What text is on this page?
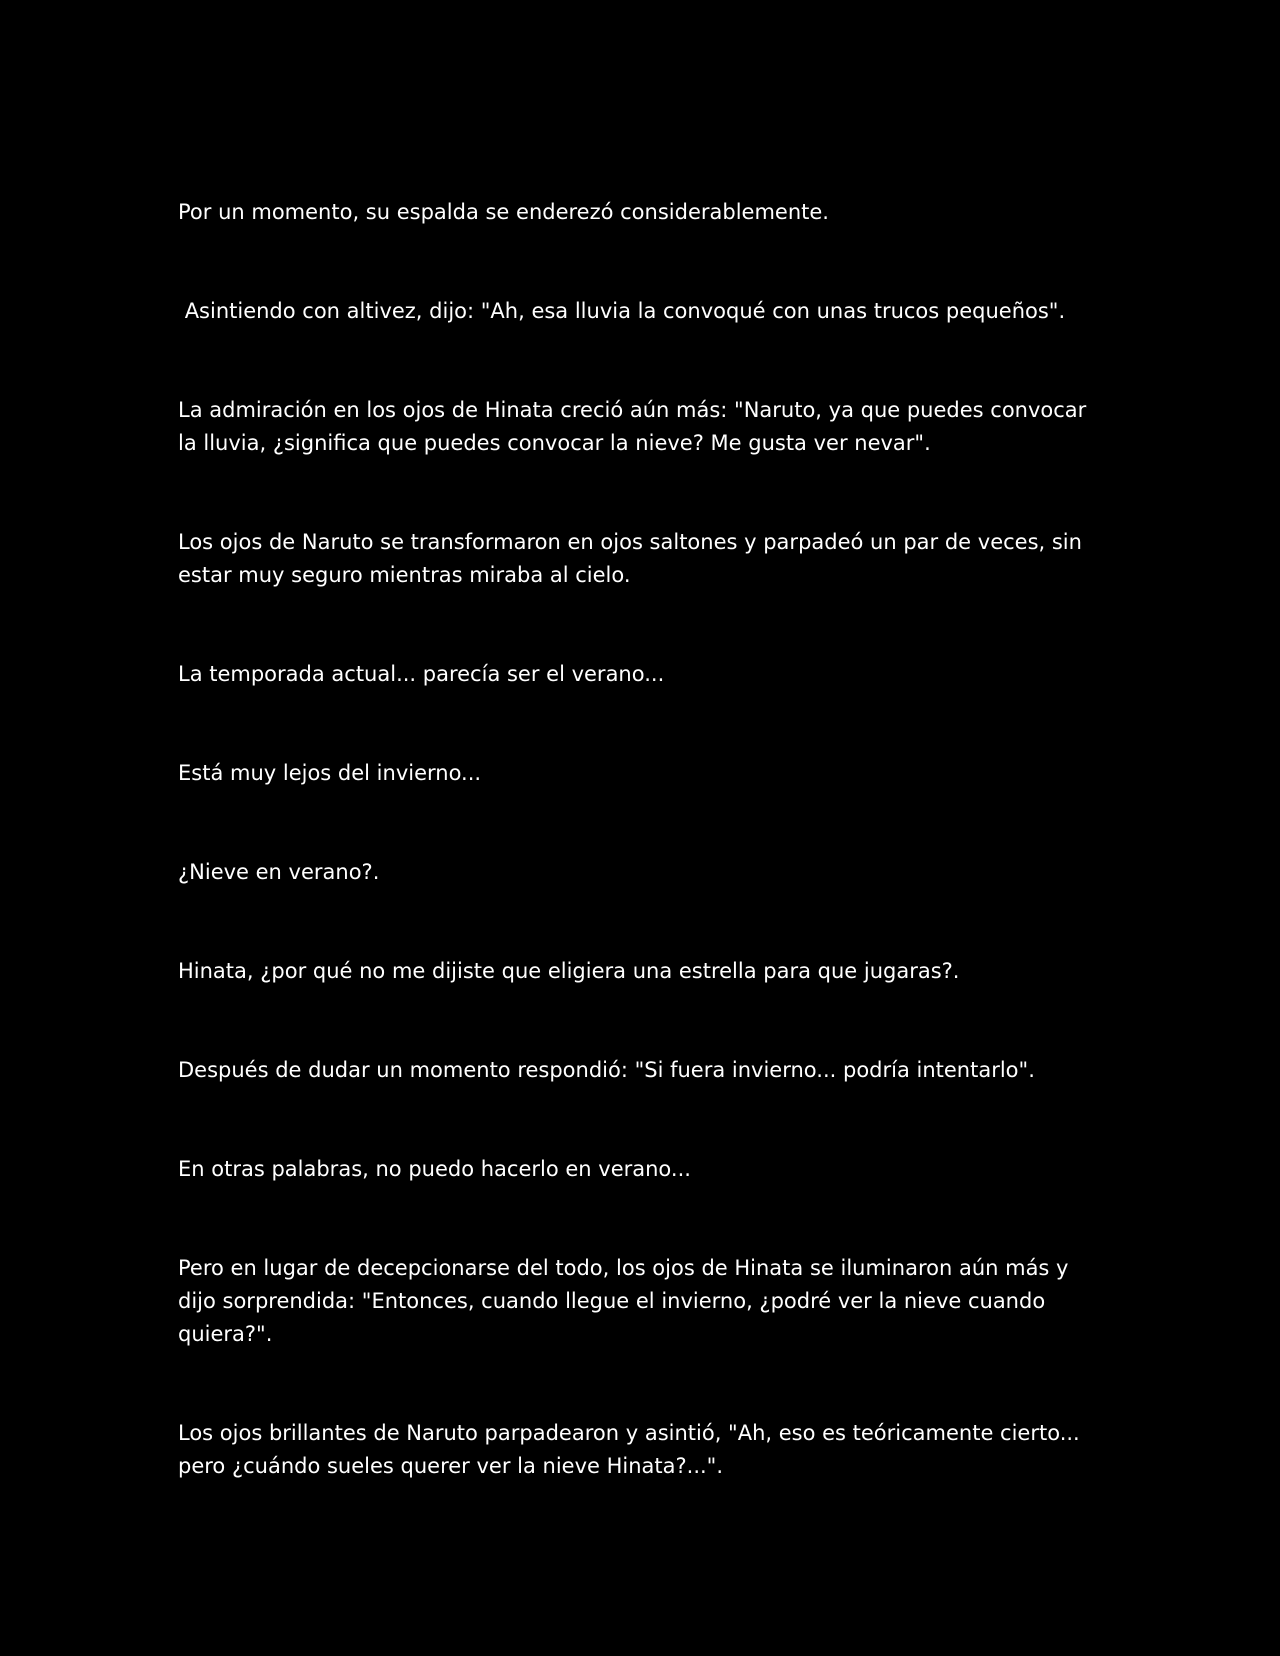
Por un momento, su espalda se enderezó considerablemente.

Asintiendo con altivez, dijo: "Ah, esa lluvia la convoqué con unas trucos pequeños".

La admiración en los ojos de Hinata creció aún más: "Naruto, ya que puedes convocar la lluvia, ¿significa que puedes convocar la nieve? Me gusta ver nevar".

Los ojos de Naruto se transformaron en ojos saltones y parpadeó un par de veces, sin estar muy seguro mientras miraba al cielo.

La temporada actual... parecía ser el verano...

Está muy lejos del invierno...

¿Nieve en verano?.

Hinata, ¿por qué no me dijiste que eligiera una estrella para que jugaras?.

Después de dudar un momento respondió: "Si fuera invierno... podría intentarlo".

En otras palabras, no puedo hacerlo en verano...

Pero en lugar de decepcionarse del todo, los ojos de Hinata se iluminaron aún más y dijo sorprendida: "Entonces, cuando llegue el invierno, ¿podré ver la nieve cuando quiera?".

Los ojos brillantes de Naruto parpadearon y asintió, "Ah, eso es teóricamente cierto... pero ¿cuándo sueles querer ver la nieve Hinata?...".
